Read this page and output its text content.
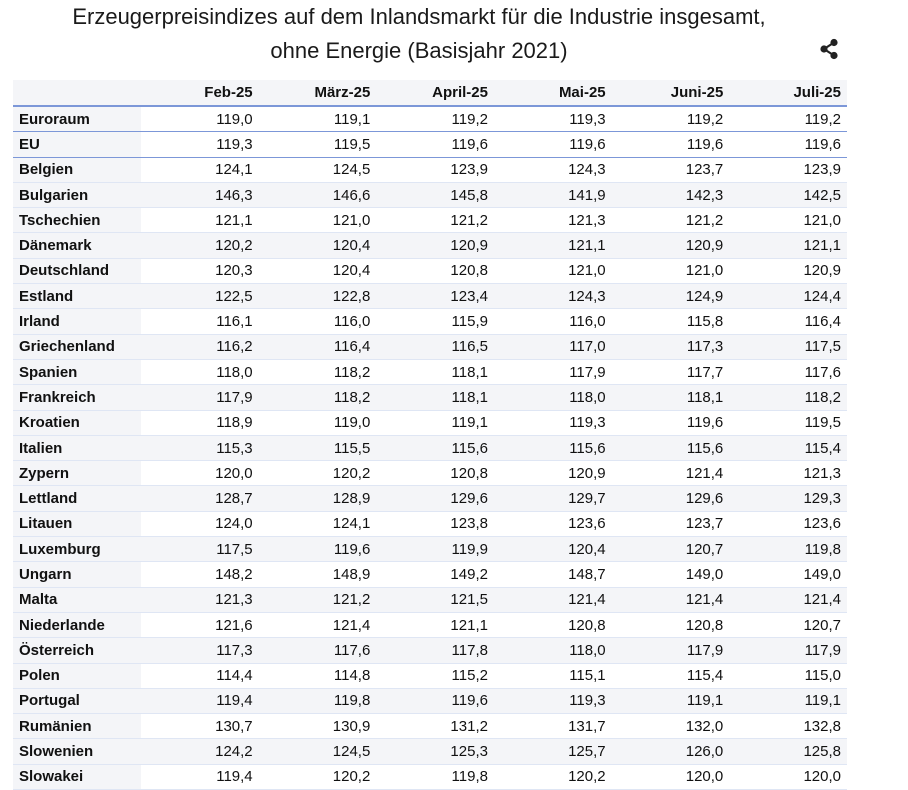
Erzeugerpreisindizes auf dem Inlandsmarkt für die Industrie insgesamt,
ohne Energie (Basisjahr 2021)
	Feb-25	März-25	April-25	Mai-25	Juni-25	Juli-25
Euroraum	119,0	119,1	119,2	119,3	119,2	119,2
EU	119,3	119,5	119,6	119,6	119,6	119,6
Belgien	124,1	124,5	123,9	124,3	123,7	123,9
Bulgarien	146,3	146,6	145,8	141,9	142,3	142,5
Tschechien	121,1	121,0	121,2	121,3	121,2	121,0
Dänemark	120,2	120,4	120,9	121,1	120,9	121,1
Deutschland	120,3	120,4	120,8	121,0	121,0	120,9
Estland	122,5	122,8	123,4	124,3	124,9	124,4
Irland	116,1	116,0	115,9	116,0	115,8	116,4
Griechenland	116,2	116,4	116,5	117,0	117,3	117,5
Spanien	118,0	118,2	118,1	117,9	117,7	117,6
Frankreich	117,9	118,2	118,1	118,0	118,1	118,2
Kroatien	118,9	119,0	119,1	119,3	119,6	119,5
Italien	115,3	115,5	115,6	115,6	115,6	115,4
Zypern	120,0	120,2	120,8	120,9	121,4	121,3
Lettland	128,7	128,9	129,6	129,7	129,6	129,3
Litauen	124,0	124,1	123,8	123,6	123,7	123,6
Luxemburg	117,5	119,6	119,9	120,4	120,7	119,8
Ungarn	148,2	148,9	149,2	148,7	149,0	149,0
Malta	121,3	121,2	121,5	121,4	121,4	121,4
Niederlande	121,6	121,4	121,1	120,8	120,8	120,7
Österreich	117,3	117,6	117,8	118,0	117,9	117,9
Polen	114,4	114,8	115,2	115,1	115,4	115,0
Portugal	119,4	119,8	119,6	119,3	119,1	119,1
Rumänien	130,7	130,9	131,2	131,7	132,0	132,8
Slowenien	124,2	124,5	125,3	125,7	126,0	125,8
Slowakei	119,4	120,2	119,8	120,2	120,0	120,0
